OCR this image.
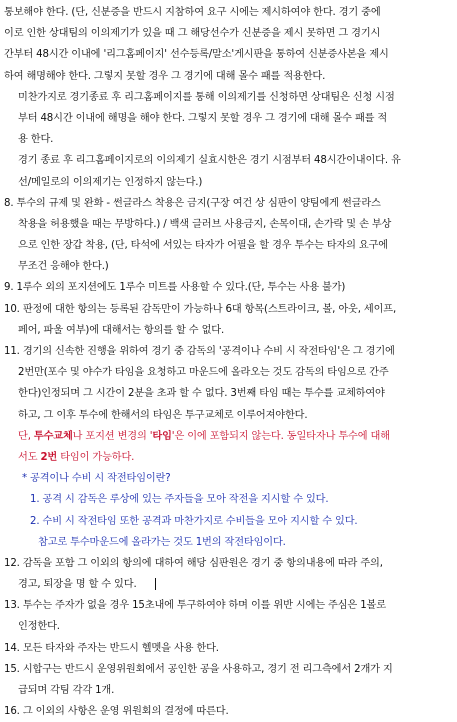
통보해야 한다. (단, 신분증을 반드시 지참하여 요구 시에는 제시하여야 한다. 경기 중에
이로 인한 상대팀의 이의제기가 있을 때 그 해당선수가 신분증을 제시 못하면 그 경기시
간부터 48시간 이내에 '리그홈페이지' 선수등록/말소'게시판을 통하여 신분증사본을 제시
하여 해명해야 한다. 그렇지 못할 경우 그 경기에 대해 몰수 패를 적용한다.
미찬가지로 경기종료 후 리그홈페이지를 통해 이의제기를 신청하면 상대팀은 신청 시점
부터 48시간 이내에 해명을 해야 한다. 그렇지 못할 경우 그 경기에 대해 몰수 패를 적
용 한다.
경기 종료 후 리그홈페이지로의 이의제기 실효시한은 경기 시점부터 48시간이내이다. 유
선/메일로의 이의제기는 인정하지 않는다.)
8. 투수의 규제 및 완화 - 썬글라스 착용은 금지(구장 여건 상 심판이 양팀에게 썬글라스
착용을 허용했을 때는 무방하다.) / 백색 글러브 사용금지, 손목이대, 손가락 및 손 부상
으로 인한 장갑 착용, (단, 타석에 서있는 타자가 어필을 할 경우 투수는 타자의 요구에
무조건 응해야 한다.)
9. 1루수 외의 포지션에도 1루수 미트를 사용할 수 있다.(단, 투수는 사용 불가)
10. 판정에 대한 항의는 등록된 감독만이 가능하나 6대 항목(스트라이크, 볼, 아웃, 세이프,
페어, 파울 여부)에 대해서는 항의를 할 수 없다.
11. 경기의 신속한 진행을 위하여 경기 중 감독의 '공격이나 수비 시 작전타임'은 그 경기에
2번만(포수 및 야수가 타임을 요청하고 마운드에 올라오는 것도 감독의 타임으로 간주
한다)인정되며 그 시간이 2분을 초과 할 수 없다. 3번째 타임 때는 투수를 교체하여야
하고, 그 이후 투수에 한해서의 타임은 투구교체로 이루어져야한다.
단, 투수교체나 포지션 변경의 '타임'은 이에 포함되지 않는다. 동일타자나 투수에 대해
서도 2번 타임이 가능하다.
* 공격이나 수비 시 작전타임이란?
1. 공격 시 감독은 루상에 있는 주자들을 모아 작전을 지시할 수 있다.
2. 수비 시 작전타임 또한 공격과 마찬가지로 수비들을 모아 지시할 수 있다.
참고로 투수마운드에 올라가는 것도 1번의 작전타임이다.
12. 감독을 포함 그 이외의 항의에 대하여 해당 심판원은 경기 중 항의내용에 따라 주의,
경고, 퇴장을 명 할 수 있다.
13. 투수는 주자가 없을 경우 15초내에 투구하여야 하며 이를 위반 시에는 주심은 1볼로
인정한다.
14. 모든 타자와 주자는 반드시 헬멧을 사용 한다.
15. 시합구는 반드시 운영위원회에서 공인한 공을 사용하고, 경기 전 리그측에서 2개가 지
급되며 각팀 각각 1개.
16. 그 이외의 사항은 운영 위원회의 결정에 따른다.
